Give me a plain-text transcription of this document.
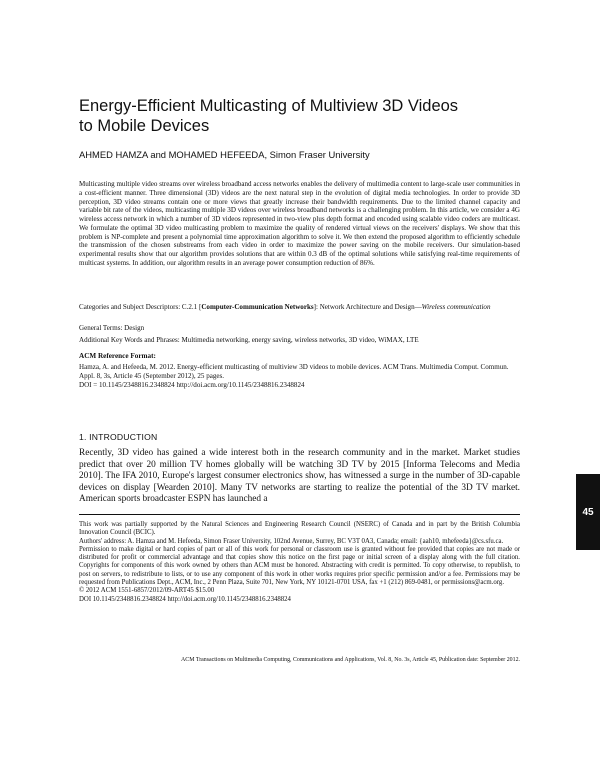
Energy-Efficient Multicasting of Multiview 3D Videos
to Mobile Devices
AHMED HAMZA and MOHAMED HEFEEDA, Simon Fraser University

Multicasting multiple video streams over wireless broadband access networks enables the delivery of multimedia content to large-scale user communities in a cost-efficient manner. Three dimensional (3D) videos are the next natural step in the evolution of digital media technologies. In order to provide 3D perception, 3D video streams contain one or more views that greatly increase their bandwidth requirements. Due to the limited channel capacity and variable bit rate of the videos, multicasting multiple 3D videos over wireless broadband networks is a challenging problem. In this article, we consider a 4G wireless access network in which a number of 3D videos represented in two-view plus depth format and encoded using scalable video coders are multicast. We formulate the optimal 3D video multicasting problem to maximize the quality of rendered virtual views on the receivers' displays. We show that this problem is NP-complete and present a polynomial time approximation algorithm to solve it. We then extend the proposed algorithm to efficiently schedule the transmission of the chosen substreams from each video in order to maximize the power saving on the mobile receivers. Our simulation-based experimental results show that our algorithm provides solutions that are within 0.3 dB of the optimal solutions while satisfying real-time requirements of multicast systems. In addition, our algorithm results in an average power consumption reduction of 86%.

Categories and Subject Descriptors: C.2.1 [Computer-Communication Networks]: Network Architecture and Design—Wireless communication

General Terms: Design

Additional Key Words and Phrases: Multimedia networking, energy saving, wireless networks, 3D video, WiMAX, LTE

ACM Reference Format:

Hamza, A. and Hefeeda, M. 2012. Energy-efficient multicasting of multiview 3D videos to mobile devices. ACM Trans. Multimedia Comput. Commun. Appl. 8, 3s, Article 45 (September 2012), 25 pages.
DOI = 10.1145/2348816.2348824 http://doi.acm.org/10.1145/2348816.2348824

1. INTRODUCTION

Recently, 3D video has gained a wide interest both in the research community and in the market. Market studies predict that over 20 million TV homes globally will be watching 3D TV by 2015 [Informa Telecoms and Media 2010]. The IFA 2010, Europe's largest consumer electronics show, has witnessed a surge in the number of 3D-capable devices on display [Wearden 2010]. Many TV networks are starting to realize the potential of the 3D TV market. American sports broadcaster ESPN has launched a

This work was partially supported by the Natural Sciences and Engineering Research Council (NSERC) of Canada and in part by the British Columbia Innovation Council (BCIC).

Authors' address: A. Hamza and M. Hefeeda, Simon Fraser University, 102nd Avenue, Surrey, BC V3T 0A3, Canada; email: {aah10, mhefeeda}@cs.sfu.ca.

Permission to make digital or hard copies of part or all of this work for personal or classroom use is granted without fee provided that copies are not made or distributed for profit or commercial advantage and that copies show this notice on the first page or initial screen of a display along with the full citation. Copyrights for components of this work owned by others than ACM must be honored. Abstracting with credit is permitted. To copy otherwise, to republish, to post on servers, to redistribute to lists, or to use any component of this work in other works requires prior specific permission and/or a fee. Permissions may be requested from Publications Dept., ACM, Inc., 2 Penn Plaza, Suite 701, New York, NY 10121-0701 USA, fax +1 (212) 869-0481, or permissions@acm.org.

© 2012 ACM 1551-6857/2012/09-ART45 $15.00

DOI 10.1145/2348816.2348824 http://doi.acm.org/10.1145/2348816.2348824

45
ACM Transactions on Multimedia Computing, Communications and Applications, Vol. 8, No. 3s, Article 45, Publication date: September 2012.
